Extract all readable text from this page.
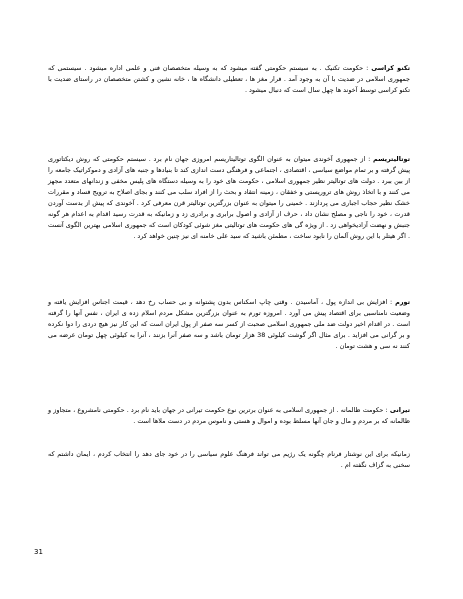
تکنو کراسی : حکومت تکنیک . به سیستم حکومتی گفته میشود که به وسیله متخصصان فنی و علمی اداره میشود . سیستمی که جمهوری اسلامی در ضدیت با آن به وجود آمد . فرار مغز ها ، تعطیلی دانشگاه ها ، خانه نشین و کشتن متخصصان در راستای ضدیت با تکنو کراسی توسط آخوند ها چهل سال است که دنبال میشود .

توتالیتریسم : از جمهوری آخوندی میتوان به عنوان الگوی توتالیتاریسم امروزی جهان نام برد . سیستم حکومتی که روش دیکتاتوری پیش گرفته و بر تمام مواضع سیاسی ، اقتصادی ، اجتماعی و فرهنگی دست اندازی کند تا بنیادها و جنبه های آزادی و دموکراتیک جامعه را از بین ببرد . دولت های توتالیتر نظیر جمهوری اسلامی ، حکومت های خود را به وسیله دستگاه های پلیس مخفی و زندانهای متعدد مجهز می کنند و با اتخاذ روش های تروریستی و خفقان ، زمینه انتقاد و بحث را از افراد سلب می کنند و بجای اصلاح به ترویج فساد و مقررات خشک نظیر حجاب اجباری می پردازند . خمینی را میتوان به عنوان بزرگترین توتالیتر قرن معرفی کرد . آخوندی که پیش از بدست آوردن قدرت ، خود را ناجی و مصلح نشان داد ، حرف از آزادی و اصول برابری و برادری زد و زمانیکه به قدرت رسید اقدام به اعدام هر گونه جنبش و نهضت آزادیخواهی زد . از ویژه گی های حکومت های توتالیتی مغز شوئی کودکان است که جمهوری اسلامی بهترین الگوی آنست . اگر هیتلر با این روش آلمان را نابود ساخت ، مطمئن باشید که سید علی خامنه ای نیز چنین خواهد کرد .

تورم : افزایش بی اندازه پول ، آماسیدن . وقتی چاپ اسکناس بدون پشتوانه و بی حساب رخ دهد ، قیمت اجناس افزایش یافته و وضعیت نامناسبی برای اقتصاد پیش می آورد . امروزه تورم به عنوان بزرگترین مشکل مردم اسلام زده ی ایران ، نفس آنها را گرفته است . در اقدام اخیر دولت ضد ملی جمهوری اسلامی صحبت از کسر سه صفر از پول ایران است که این کار نیز هیچ دردی را دوا نکرده و بر گرانی می افزاید . برای مثال اگر گوشت کیلوئی 38 هزار تومان باشد و سه صفر آنرا بزنند ، آنرا به کیلوئی چهل تومان عرضه می کنند نه سی و هشت تومان .

تیرانی : حکومت ظالمانه . از جمهوری اسلامی به عنوان برترین نوع حکومت تیرانی در جهان باید نام برد . حکومتی نامشروع ، متجاوز و ظالمانه که بر مردم و مال و جان آنها مسلط بوده و اموال و هستی و ناموس مردم در دست ملاها است .

زمانیکه برای این نوشتار فرنام چگونه یک رژیم می تواند فرهنگ علوم سیاسی را در خود جای دهد را انتخاب کردم ، ایمان داشتم که سخنی به گزاف نگفته ام .

31
